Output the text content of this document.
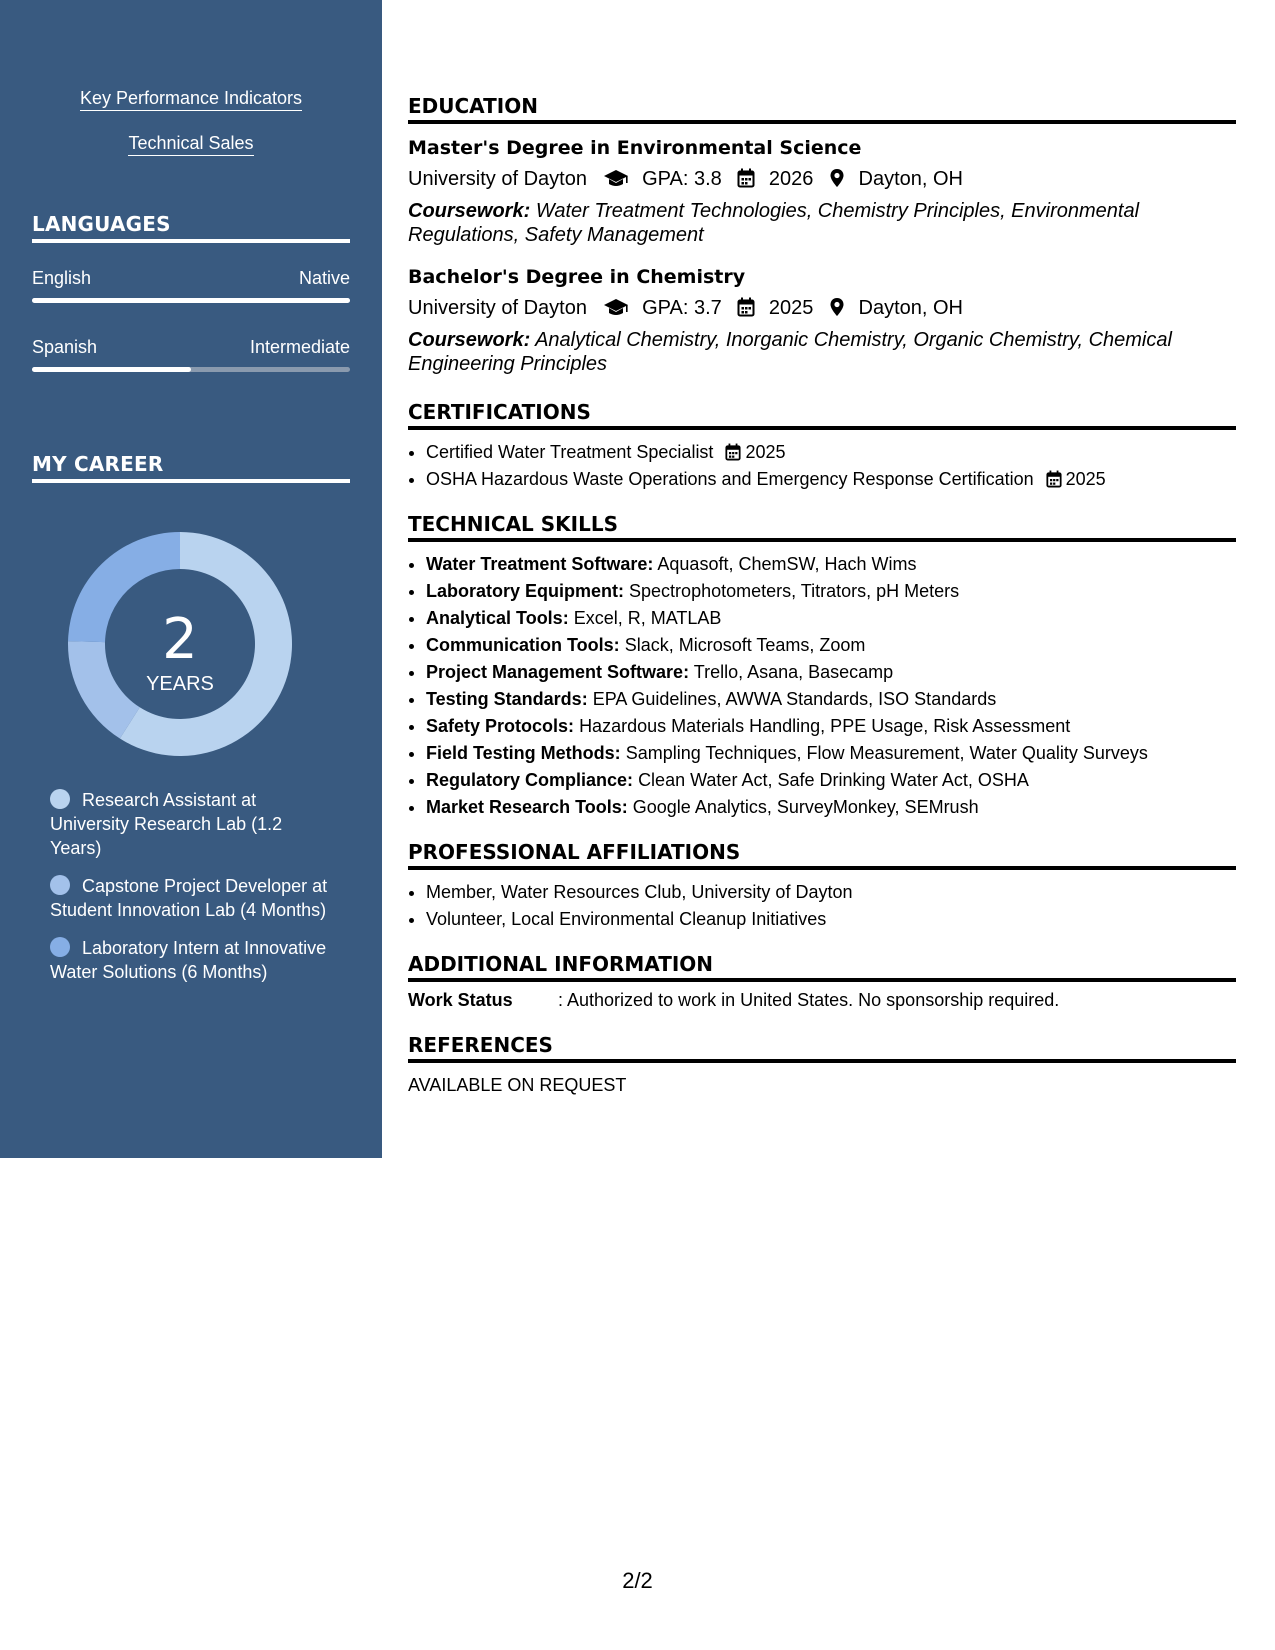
Key Performance Indicators
Technical Sales
LANGUAGES
English	Native
Spanish	Intermediate
MY CAREER
2
YEARS
Research Assistant at University Research Lab (1.2 Years)
Capstone Project Developer at Student Innovation Lab (4 Months)
Laboratory Intern at Innovative Water Solutions (6 Months)
EDUCATION
Master's Degree in Environmental Science
University of Dayton	GPA: 3.8 2026 Dayton, OH
Coursework: Water Treatment Technologies, Chemistry Principles, Environmental Regulations, Safety Management
Bachelor's Degree in Chemistry
University of Dayton	GPA: 3.7 2025 Dayton, OH
Coursework: Analytical Chemistry, Inorganic Chemistry, Organic Chemistry, Chemical Engineering Principles
CERTIFICATIONS
• Certified Water Treatment Specialist 2025
• OSHA Hazardous Waste Operations and Emergency Response Certification 2025
TECHNICAL SKILLS
• Water Treatment Software: Aquasoft, ChemSW, Hach Wims
• Laboratory Equipment: Spectrophotometers, Titrators, pH Meters
• Analytical Tools: Excel, R, MATLAB
• Communication Tools: Slack, Microsoft Teams, Zoom
• Project Management Software: Trello, Asana, Basecamp
• Testing Standards: EPA Guidelines, AWWA Standards, ISO Standards
• Safety Protocols: Hazardous Materials Handling, PPE Usage, Risk Assessment
• Field Testing Methods: Sampling Techniques, Flow Measurement, Water Quality Surveys
• Regulatory Compliance: Clean Water Act, Safe Drinking Water Act, OSHA
• Market Research Tools: Google Analytics, SurveyMonkey, SEMrush
PROFESSIONAL AFFILIATIONS
• Member, Water Resources Club, University of Dayton
• Volunteer, Local Environmental Cleanup Initiatives
ADDITIONAL INFORMATION
Work Status	: Authorized to work in United States. No sponsorship required.
REFERENCES
AVAILABLE ON REQUEST
2/2
